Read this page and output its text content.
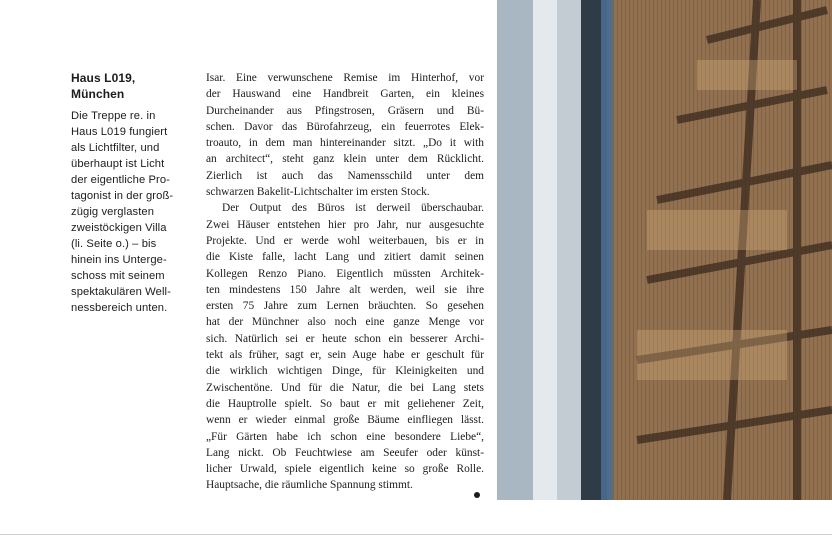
Haus L019,
München
Die Treppe re. in
Haus L019 fungiert
als Lichtfilter, und
überhaupt ist Licht
der eigentliche Pro-
tagonist in der groß-
zügig verglasten
zweistöckigen Villa
(li. Seite o.) – bis
hinein ins Unterge-
schoss mit seinem
spektakulären Well-
nessbereich unten.
Isar. Eine verwunschene Remise im Hinterhof, vor
der Hauswand eine Handbreit Garten, ein kleines
Durcheinander aus Pfingstrosen, Gräsern und Bü-
schen. Davor das Bürofahrzeug, ein feuerrotes Elek-
troauto, in dem man hintereinander sitzt. „Do it with
an architect“, steht ganz klein unter dem Rücklicht.
Zierlich ist auch das Namensschild unter dem
schwarzen Bakelit-Lichtschalter im ersten Stock.
Der Output des Büros ist derweil überschaubar.
Zwei Häuser entstehen hier pro Jahr, nur ausgesuchte
Projekte. Und er werde wohl weiterbauen, bis er in
die Kiste falle, lacht Lang und zitiert damit seinen
Kollegen Renzo Piano. Eigentlich müssten Architek-
ten mindestens 150 Jahre alt werden, weil sie ihre
ersten 75 Jahre zum Lernen bräuchten. So gesehen
hat der Münchner also noch eine ganze Menge vor
sich. Natürlich sei er heute schon ein besserer Archi-
tekt als früher, sagt er, sein Auge habe er geschult für
die wirklich wichtigen Dinge, für Kleinigkeiten und
Zwischentöne. Und für die Natur, die bei Lang stets
die Hauptrolle spielt. So baut er mit geliehener Zeit,
wenn er wieder einmal große Bäume einfliegen lässt.
„Für Gärten habe ich schon eine besondere Liebe“,
Lang nickt. Ob Feuchtwiese am Seeufer oder künst-
licher Urwald, spiele eigentlich keine so große Rolle.
Hauptsache, die räumliche Spannung stimmt.
